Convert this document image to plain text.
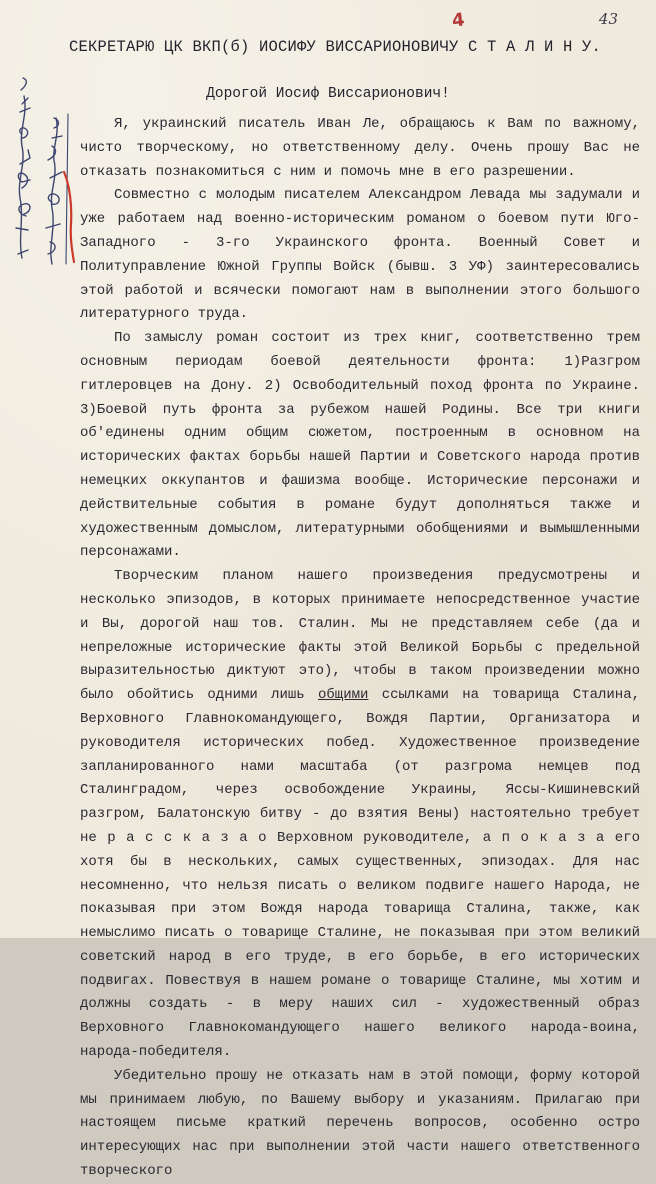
4	43
СЕКРЕТАРЮ ЦК ВКП(б) ИОСИФУ ВИССАРИОНОВИЧУ С Т А Л И Н У.
Дорогой Иосиф Виссарионович!

Я, украинский писатель Иван Ле, обращаюсь к Вам по важному, чисто творческому, но ответственному делу. Очень прошу Вас не отказать познакомиться с ним и помочь мне в его разрешении.

Совместно с молодым писателем Александром Левада мы задумали и уже работаем над военно-историческим романом о боевом пути Юго-Западного - 3-го Украинского фронта. Военный Совет и Политуправление Южной Группы Войск (бывш. 3 УФ) заинтересовались этой работой и всячески помогают нам в выполнении этого большого литературного труда.

По замыслу роман состоит из трех книг, соответственно трем основным периодам боевой деятельности фронта: 1)Разгром гитлеровцев на Дону. 2) Освободительный поход фронта по Украине. 3)Боевой путь фронта за рубежом нашей Родины. Все три книги об'единены одним общим сюжетом, построенным в основном на исторических фактах борьбы нашей Партии и Советского народа против немецких оккупантов и фашизма вообще. Исторические персонажи и действительные события в романе будут дополняться также и художественным домыслом, литературными обобщениями и вымышленными персонажами.

Творческим планом нашего произведения предусмотрены и несколько эпизодов, в которых принимаете непосредственное участие и Вы, дорогой наш тов. Сталин. Мы не представляем себе (да и непреложные исторические факты этой Великой Борьбы с предельной выразительностью диктуют это), чтобы в таком произведении можно было обойтись одними лишь общими ссылками на товарища Сталина, Верховного Главнокомандующего, Вождя Партии, Организатора и руководителя исторических побед. Художественное произведение запланированного нами масштаба (от разгрома немцев под Сталинградом, через освобождение Украины, Яссы-Кишиневский разгром, Балатонскую битву - до взятия Вены) настоятельно требует не р а с с к а з а о Верховном руководителе, а п о к а з а его хотя бы в нескольких, самых существенных, эпизодах. Для нас несомненно, что нельзя писать о великом подвиге нашего Народа, не показывая при этом Вождя народа товарища Сталина, также, как немыслимо писать о товарище Сталине, не показывая при этом великий советский народ в его труде, в его борьбе, в его исторических подвигах. Повествуя в нашем романе о товарище Сталине, мы хотим и должны создать - в меру наших сил - художественный образ Верховного Главнокомандующего нашего великого народа-воина, народа-победителя.

Убедительно прошу не отказать нам в этой помощи, форму которой мы принимаем любую, по Вашему выбору и указаниям. Прилагаю при настоящем письме краткий перечень вопросов, особенно остро интересующих нас при выполнении этой части нашего ответственного творческого
